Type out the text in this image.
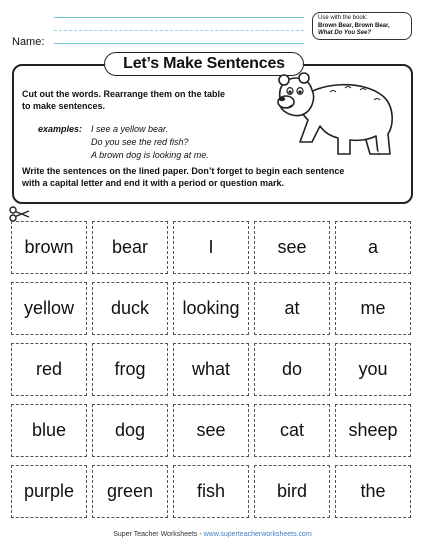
Name:
Use with the book:
Brown Bear, Brown Bear,
What Do You See?
Let’s Make Sentences
Cut out the words. Rearrange them on the table
to make sentences.
examples: I see a yellow bear.
Do you see the red fish?
A brown dog is looking at me.
Write the sentences on the lined paper. Don’t forget to begin each sentence
with a capital letter and end it with a period or question mark.
brown	bear	I	see	a
yellow	duck	looking	at	me
red	frog	what	do	you
blue	dog	see	cat	sheep
purple	green	fish	bird	the
Super Teacher Worksheets - www.superteacherworksheets.com
